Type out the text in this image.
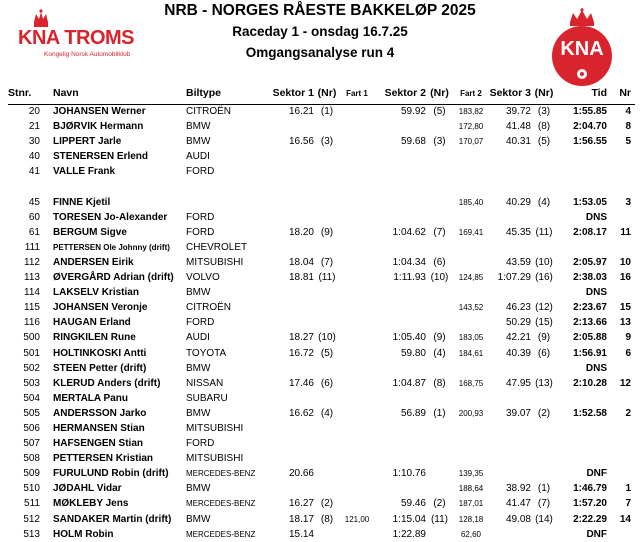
KNA TROMS
Kongelig Norsk Automobilklub	KNA
NRB - NORGES RÅESTE BAKKELØP 2025
Raceday 1 - onsdag 16.7.25
Omgangsanalyse run 4
Stnr.	Navn	Biltype	Sektor 1	(Nr)	Fart 1	Sektor 2	(Nr)	Fart 2	Sektor 3	(Nr)	Tid	Nr
20	JOHANSEN Werner	CITROËN	16.21	(1)		59.92	(5)	183,82	39.72	(3)	1:55.85	4
21	BJØRVIK Hermann	BMW						172,80	41.48	(8)	2:04.70	8
30	LIPPERT Jarle	BMW	16.56	(3)		59.68	(3)	170,07	40.31	(5)	1:56.55	5
40	STENERSEN Erlend	AUDI										
41	VALLE Frank	FORD										

45	FINNE Kjetil							185,40	40.29	(4)	1:53.05	3
60	TORESEN Jo-Alexander	FORD									DNS	
61	BERGUM Sigve	FORD	18.20	(9)		1:04.62	(7)	169,41	45.35	(11)	2:08.17	11
111	PETTERSEN Ole Johnny (drift)	CHEVROLET										
112	ANDERSEN Eirik	MITSUBISHI	18.04	(7)		1:04.34	(6)		43.59	(10)	2:05.97	10
113	ØVERGÅRD Adrian (drift)	VOLVO	18.81	(11)		1:11.93	(10)	124,85	1:07.29	(16)	2:38.03	16
114	LAKSELV Kristian	BMW									DNS	
115	JOHANSEN Veronje	CITROËN						143,52	46.23	(12)	2:23.67	15
116	HAUGAN Erland	FORD							50.29	(15)	2:13.66	13
500	RINGKILEN Rune	AUDI	18.27	(10)		1:05.40	(9)	183,05	42.21	(9)	2:05.88	9
501	HOLTINKOSKI Antti	TOYOTA	16.72	(5)		59.80	(4)	184,61	40.39	(6)	1:56.91	6
502	STEEN Petter (drift)	BMW									DNS	
503	KLERUD Anders (drift)	NISSAN	17.46	(6)		1:04.87	(8)	168,75	47.95	(13)	2:10.28	12
504	MERTALA Panu	SUBARU										
505	ANDERSSON Jarko	BMW	16.62	(4)		56.89	(1)	200,93	39.07	(2)	1:52.58	2
506	HERMANSEN Stian	MITSUBISHI										
507	HAFSENGEN Stian	FORD										
508	PETTERSEN Kristian	MITSUBISHI										
509	FURULUND Robin (drift)	MERCEDES-BENZ	20.66			1:10.76		139,35			DNF	
510	JØDAHL Vidar	BMW						188,64	38.92	(1)	1:46.79	1
511	MØKLEBY Jens	MERCEDES-BENZ	16.27	(2)		59.46	(2)	187,01	41.47	(7)	1:57.20	7
512	SANDAKER Martin (drift)	BMW	18.17	(8)	121,00	1:15.04	(11)	128,18	49.08	(14)	2:22.29	14
513	HOLM Robin	MERCEDES-BENZ	15.14			1:22.89		62,60			DNF	
